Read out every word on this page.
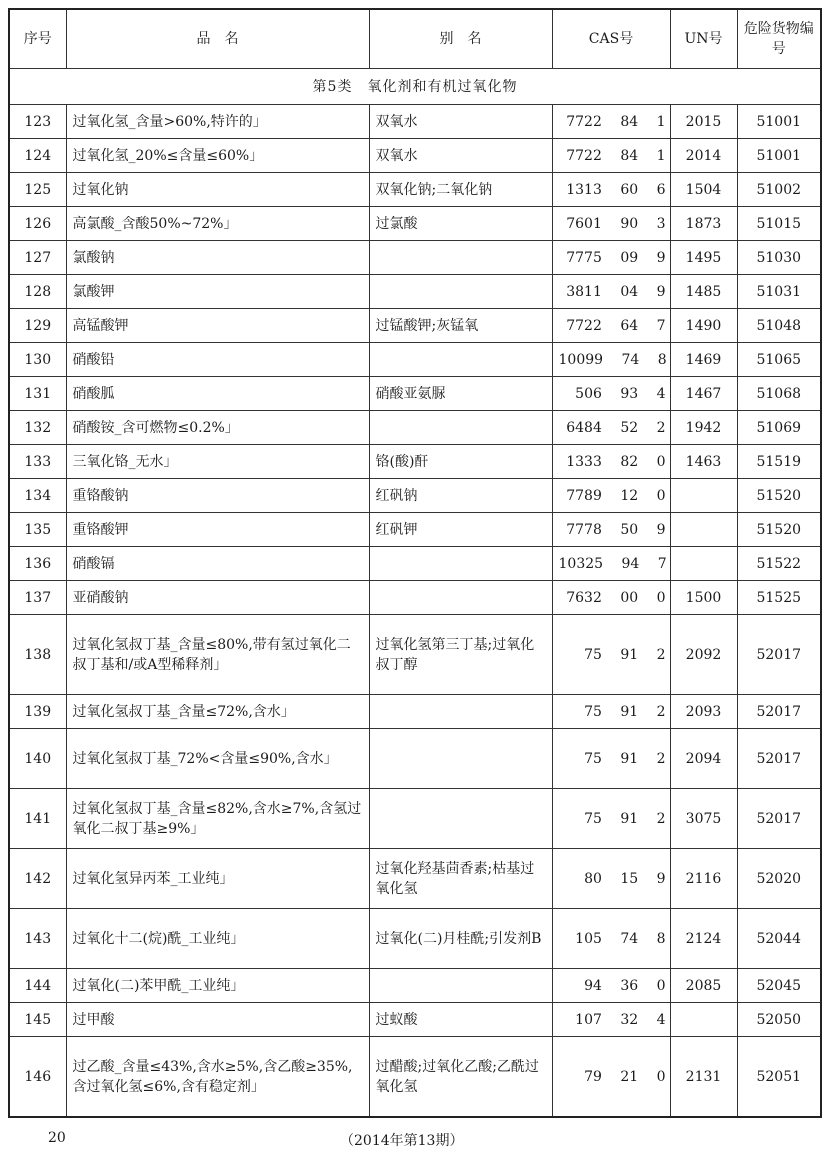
序号	品　名	别　名	CAS号	UN号	危险货物编号
第5类　氧化剂和有机过氧化物					
123	过氧化氢_含量>60%,特许的」	双氧水	7722 84 1	2015	51001
124	过氧化氢_20%≤含量≤60%」	双氧水	7722 84 1	2014	51001
125	过氧化钠	双氧化钠;二氧化钠	1313 60 6	1504	51002
126	高氯酸_含酸50%~72%」	过氯酸	7601 90 3	1873	51015
127	氯酸钠		7775 09 9	1495	51030
128	氯酸钾		3811 04 9	1485	51031
129	高锰酸钾	过锰酸钾;灰锰氧	7722 64 7	1490	51048
130	硝酸铅		10099 74 8	1469	51065
131	硝酸胍	硝酸亚氨脲	506 93 4	1467	51068
132	硝酸铵_含可燃物≤0.2%」		6484 52 2	1942	51069
133	三氧化铬_无水」	铬(酸)酐	1333 82 0	1463	51519
134	重铬酸钠	红矾钠	7789 12 0		51520
135	重铬酸钾	红矾钾	7778 50 9		51520
136	硝酸镉		10325 94 7		51522
137	亚硝酸钠		7632 00 0	1500	51525
138	过氧化氢叔丁基_含量≤80%,带有氢过氧化二叔丁基和/或A型稀释剂」	过氧化氢第三丁基;过氧化叔丁醇	75 91 2	2092	52017
139	过氧化氢叔丁基_含量≤72%,含水」		75 91 2	2093	52017
140	过氧化氢叔丁基_72%<含量≤90%,含水」		75 91 2	2094	52017
141	过氧化氢叔丁基_含量≤82%,含水≥7%,含氢过氧化二叔丁基≥9%」		75 91 2	3075	52017
142	过氧化氢异丙苯_工业纯」	过氧化羟基茴香素;枯基过氧化氢	80 15 9	2116	52020
143	过氧化十二(烷)酰_工业纯」	过氧化(二)月桂酰;引发剂B	105 74 8	2124	52044
144	过氧化(二)苯甲酰_工业纯」		94 36 0	2085	52045
145	过甲酸	过蚁酸	107 32 4		52050
146	过乙酸_含量≤43%,含水≥5%,含乙酸≥35%,含过氧化氢≤6%,含有稳定剂」	过醋酸;过氧化乙酸;乙酰过氧化氢	79 21 0	2131	52051
20	（2014年第13期）
